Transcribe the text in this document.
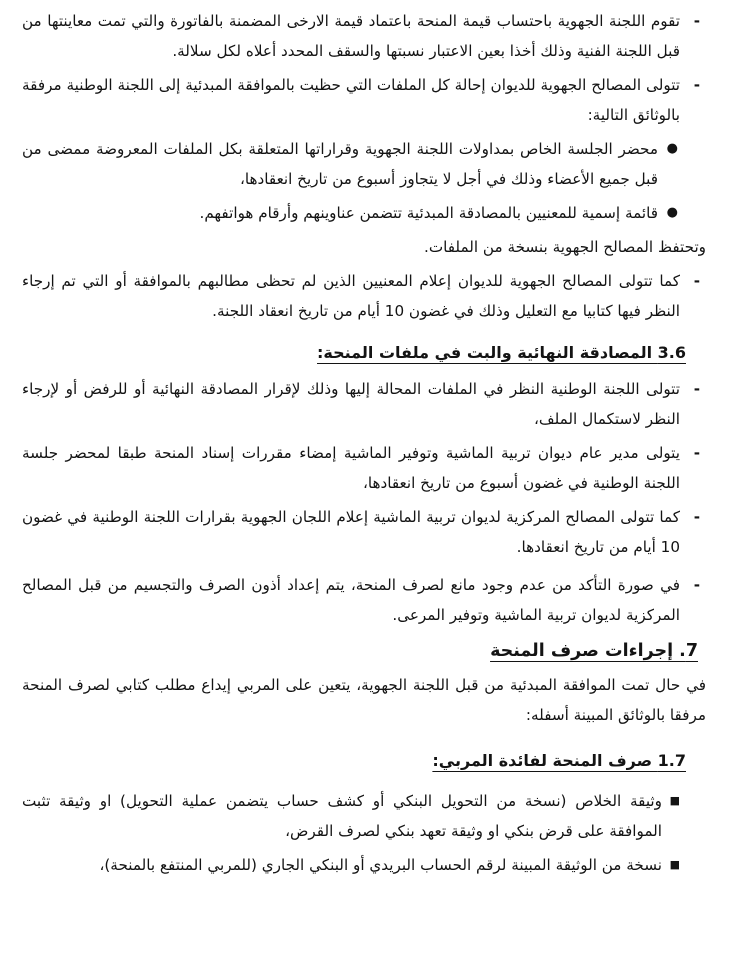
-
تقوم اللجنة الجهوية باحتساب قيمة المنحة باعتماد قيمة الارخى المضمنة بالفاتورة والتي تمت معاينتها من قبل اللجنة الفنية وذلك أخذا بعين الاعتبار نسبتها والسقف المحدد أعلاه لكل سلالة.

-
تتولى المصالح الجهوية للديوان إحالة كل الملفات التي حظيت بالموافقة المبدئية إلى اللجنة الوطنية مرفقة بالوثائق التالية:

●
محضر الجلسة الخاص بمداولات اللجنة الجهوية وقراراتها المتعلقة بكل الملفات المعروضة ممضى من قبل جميع الأعضاء وذلك في أجل لا يتجاوز أسبوع من تاريخ انعقادها،

●
قائمة إسمية للمعنيين بالمصادقة المبدئية تتضمن عناوينهم وأرقام هواتفهم.

وتحتفظ المصالح الجهوية بنسخة من الملفات.

-
كما تتولى المصالح الجهوية للديوان إعلام المعنيين الذين لم تحظى مطالبهم بالموافقة أو التي تم إرجاء النظر فيها كتابيا مع التعليل وذلك في غضون 10 أيام من تاريخ انعقاد اللجنة.

3.6 المصادقة النهائية والبت في ملفات المنحة:

-
تتولى اللجنة الوطنية النظر في الملفات المحالة إليها وذلك لإقرار المصادقة النهائية أو للرفض أو لإرجاء النظر لاستكمال الملف،

-
يتولى مدير عام ديوان تربية الماشية وتوفير الماشية إمضاء مقررات إسناد المنحة طبقا لمحضر جلسة اللجنة الوطنية في غضون أسبوع من تاريخ انعقادها،

-
كما تتولى المصالح المركزية لديوان تربية الماشية إعلام اللجان الجهوية بقرارات اللجنة الوطنية في غضون 10 أيام من تاريخ انعقادها.

-
في صورة التأكد من عدم وجود مانع لصرف المنحة، يتم إعداد أذون الصرف والتجسيم من قبل المصالح المركزية لديوان تربية الماشية وتوفير المرعى.

7. إجراءات صرف المنحة

في حال تمت الموافقة المبدئية من قبل اللجنة الجهوية، يتعين على المربي إيداع مطلب كتابي لصرف المنحة مرفقا بالوثائق المبينة أسفله:

1.7 صرف المنحة لفائدة المربي:

■
وثيقة الخلاص (نسخة من التحويل البنكي أو كشف حساب يتضمن عملية التحويل) او وثيقة تثبت الموافقة على قرض بنكي او وثيقة تعهد بنكي لصرف القرض،

■
نسخة من الوثيقة المبينة لرقم الحساب البريدي أو البنكي الجاري (للمربي المنتفع بالمنحة)،
